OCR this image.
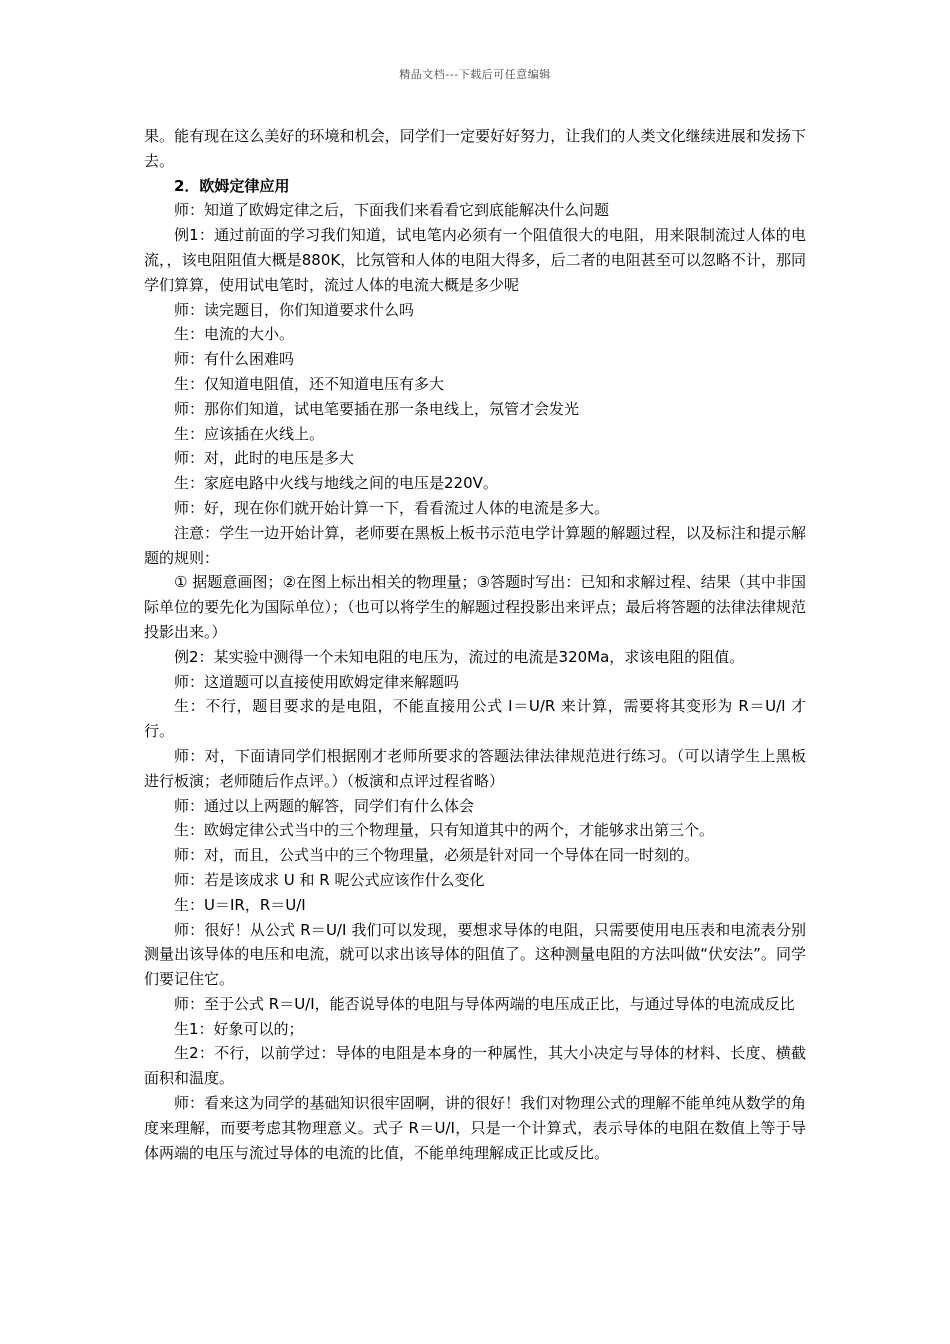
精品文档---下载后可任意编辑

果。能有现在这么美好的环境和机会，同学们一定要好好努力，让我们的人类文化继续进展和发扬下去。

2．欧姆定律应用

师：知道了欧姆定律之后，下面我们来看看它到底能解决什么问题

例1：通过前面的学习我们知道，试电笔内必须有一个阻值很大的电阻，用来限制流过人体的电流，，该电阻阻值大概是880K，比氖管和人体的电阻大得多，后二者的电阻甚至可以忽略不计，那同学们算算，使用试电笔时，流过人体的电流大概是多少呢

师：读完题目，你们知道要求什么吗

生：电流的大小。

师：有什么困难吗

生：仅知道电阻值，还不知道电压有多大

师：那你们知道，试电笔要插在那一条电线上，氖管才会发光

生：应该插在火线上。

师：对，此时的电压是多大

生：家庭电路中火线与地线之间的电压是220V。

师：好，现在你们就开始计算一下，看看流过人体的电流是多大。

注意：学生一边开始计算，老师要在黑板上板书示范电学计算题的解题过程，以及标注和提示解题的规则：

① 据题意画图；②在图上标出相关的物理量；③答题时写出：已知和求解过程、结果（其中非国际单位的要先化为国际单位）；（也可以将学生的解题过程投影出来评点；最后将答题的法律法律规范投影出来。）

例2：某实验中测得一个未知电阻的电压为，流过的电流是320Ma，求该电阻的阻值。

师：这道题可以直接使用欧姆定律来解题吗

生：不行，题目要求的是电阻，不能直接用公式 I＝U/R 来计算，需要将其变形为 R＝U/I 才行。

师：对，下面请同学们根据刚才老师所要求的答题法律法律规范进行练习。（可以请学生上黑板进行板演；老师随后作点评。）（板演和点评过程省略）

师：通过以上两题的解答，同学们有什么体会

生：欧姆定律公式当中的三个物理量，只有知道其中的两个，才能够求出第三个。

师：对，而且，公式当中的三个物理量，必须是针对同一个导体在同一时刻的。

师：若是该成求 U 和 R 呢公式应该作什么变化

生：U＝IR，R＝U/I

师：很好！从公式 R＝U/I 我们可以发现，要想求导体的电阻，只需要使用电压表和电流表分别测量出该导体的电压和电流，就可以求出该导体的阻值了。这种测量电阻的方法叫做“伏安法”。同学们要记住它。

师：至于公式 R＝U/I，能否说导体的电阻与导体两端的电压成正比，与通过导体的电流成反比

生1：好象可以的；

生2：不行，以前学过：导体的电阻是本身的一种属性，其大小决定与导体的材料、长度、横截面积和温度。

师：看来这为同学的基础知识很牢固啊，讲的很好！我们对物理公式的理解不能单纯从数学的角度来理解，而要考虑其物理意义。式子 R＝U/I，只是一个计算式，表示导体的电阻在数值上等于导体两端的电压与流过导体的电流的比值，不能单纯理解成正比或反比。
